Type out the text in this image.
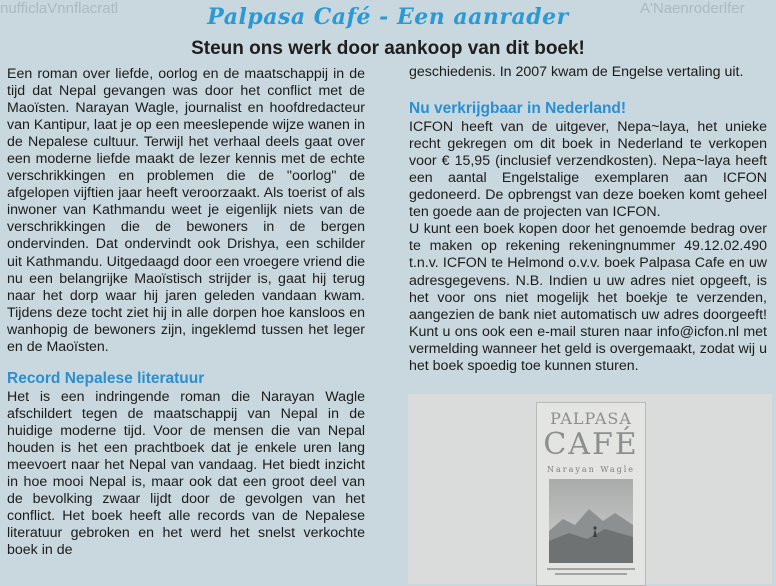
nufficlaVnnflacratl	A'Naenroderlfer
Palpasa Café - Een aanrader
Steun ons werk door aankoop van dit boek!

Een roman over liefde, oorlog en de maatschappij in de tijd dat Nepal gevangen was door het conflict met de Maoïsten. Narayan Wagle, journalist en hoofdredacteur van Kantipur, laat je op een meeslepende wijze wanen in de Nepalese cultuur. Terwijl het verhaal deels gaat over een moderne liefde maakt de lezer kennis met de echte verschrikkingen en problemen die de "oorlog" de afgelopen vijftien jaar heeft veroorzaakt. Als toerist of als inwoner van Kathmandu weet je eigenlijk niets van de verschrikkingen die de bewoners in de bergen ondervinden. Dat ondervindt ook Drishya, een schilder uit Kathmandu. Uitgedaagd door een vroegere vriend die nu een belangrijke Maoïstisch strijder is, gaat hij terug naar het dorp waar hij jaren geleden vandaan kwam. Tijdens deze tocht ziet hij in alle dorpen hoe kansloos en wanhopig de bewoners zijn, ingeklemd tussen het leger en de Maoïsten.

Record Nepalese literatuur

Het is een indringende roman die Narayan Wagle afschildert tegen de maatschappij van Nepal in de huidige moderne tijd. Voor de mensen die van Nepal houden is het een prachtboek dat je enkele uren lang meevoert naar het Nepal van vandaag. Het biedt inzicht in hoe mooi Nepal is, maar ook dat een groot deel van de bevolking zwaar lijdt door de gevolgen van het conflict. Het boek heeft alle records van de Nepalese literatuur gebroken en het werd het snelst verkochte boek in de

geschiedenis. In 2007 kwam de Engelse vertaling uit.

Nu verkrijgbaar in Nederland!

ICFON heeft van de uitgever, Nepa~laya, het unieke recht gekregen om dit boek in Nederland te verkopen voor € 15,95 (inclusief verzendkosten). Nepa~laya heeft een aantal Engelstalige exemplaren aan ICFON gedoneerd. De opbrengst van deze boeken komt geheel ten goede aan de projecten van ICFON.

U kunt een boek kopen door het genoemde bedrag over te maken op rekening rekeningnummer 49.12.02.490 t.n.v. ICFON te Helmond o.v.v. boek Palpasa Cafe en uw adresgegevens. N.B. Indien u uw adres niet opgeeft, is het voor ons niet mogelijk het boekje te verzenden, aangezien de bank niet automatisch uw adres doorgeeft! Kunt u ons ook een e-mail sturen naar info@icfon.nl met vermelding wanneer het geld is overgemaakt, zodat wij u het boek spoedig toe kunnen sturen.

PALPASA
CAFÉ
Narayan Wagle
